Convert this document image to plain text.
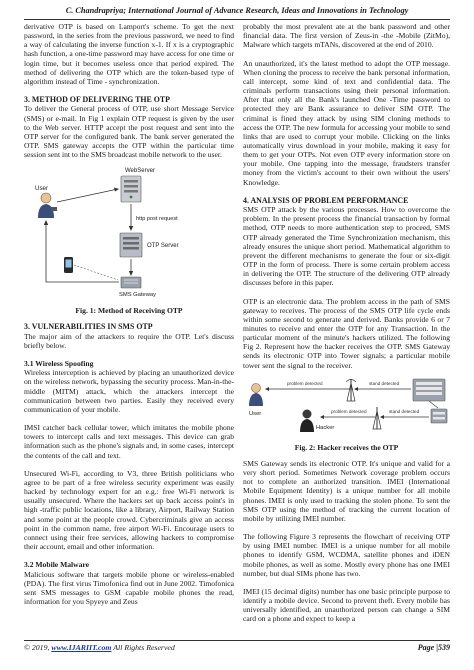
C. Chandrapriya; International Journal of Advance Research, Ideas and Innovations in Technology

derivative OTP is based on Lamport's scheme. To get the next password, in the series from the previous password, we need to find a way of calculating the inverse function x-1. If x is a cryptographic hash function, a one-time password may have access for one time or login time, but it becomes useless once that period expired. The method of delivering the OTP which are the token-based type of algorithm instead of Time - synchronization.

3. METHOD OF DELIVERING THE OTP

To deliver the General process of OTP, use short Message Service (SMS) or e-mail. In Fig 1 explain OTP request is given by the user to the Web server. HTTP accept the post request and sent into the OTP server for the configured bank. The bank server generated the OTP. SMS gateway accepts the OTP within the particular time session sent int to the SMS broadcast mobile network to the user.

User
WebServer
http post request
OTP Server
SMS Gateway
Fig. 1: Method of Receiving OTP
3. VULNERABILITIES IN SMS OTP

The major aim of the attackers to require the OTP. Let's discuss briefly below.

3.1 Wireless Spoofing

Wireless interception is achieved by placing an unauthorized device on the wireless network, bypassing the security process. Man-in-the-middle (MITM) attack, which the attackers intercept the communication between two parties. Easily they received every communication of your mobile.

IMSI catcher back cellular tower, which imitates the mobile phone towers to intercept calls and text messages. This device can grab information such as the phone's signals and, in some cases, intercept the contents of the call and text.

Unsecured Wi-Fi, according to V3, three British politicians who agree to be part of a free wireless security experiment was easily hacked by technology expert for an e.g.: free Wi-Fi network is usually unsecured. Where the hackers set up back access point's in high -traffic public locations, like a library, Airport, Railway Station and some point at the people crowd. Cybercriminals give an access point in the common name, free airport Wi-Fi. Encourage users to connect using their free services, allowing hackers to compromise their account, email and other information.

3.2 Mobile Malware

Malicious software that targets mobile phone or wireless-enabled (PDA). The first virus Timofonica find out in June 2002. Timofonica sent SMS messages to GSM capable mobile phones the read, information for you Spyeye and Zeus

probably the most prevalent ate at the bank password and other financial data. The first version of Zeus-in -the -Mobile (ZitMo), Malware which targets mTANs, discovered at the end of 2010.

An unauthorized, it's the latest method to adopt the OTP message. When cloning the process to receive the bank personal information, call intercept, some kind of text and confidential data. The criminals perform transactions using their personal information. After that only all the Bank's launched One -Time password to protected they are Bank assurance to deliver SIM OTP. The criminal is fined they attack by using SIM cloning methods to access the OTP. The new formula for accessing your mobile to send links that are used to corrupt your mobile. Clicking on the links automatically virus download in your mobile, making it easy for them to get your OTPs. Not even OTP every information store on your mobile. One tapping into the message, fraudsters transfer money from the victim's account to their own without the users' Knowledge.

4. ANALYSIS OF PROBLEM PERFORMANCE

SMS OTP attack by the various processes. How to overcome the problem. In the present process the financial transaction by formal method, OTP needs to more authentication step to proceed, SMS OTP already generated the Time Synchronization mechanism, this already ensures the unique short period. Mathematical algorithm to prevent the different mechanisms to generate the four or six-digit OTP in the form of process. There is some certain problem access in delivering the OTP. The structure of the delivering OTP already discusses before in this paper.

OTP is an electronic data. The problem access in the path of SMS gateway to receives. The process of the SMS OTP life cycle ends within some second to generate and derived. Banks provide 6 or 7 minutes to receive and enter the OTP for any Transaction. In the particular moment of the minute's hackers utilized. The following Fig 2. Represent how the hacker receives the OTP. SMS Gateway sends its electronic OTP into Tower signals; a particular mobile tower sent the signal to the receiver.

User
Hacker
problem detected	stand detected
problem detected	stand detected
Fig. 2: Hacker receives the OTP

SMS Gateway sends its electronic OTP. It's unique and valid for a very short period. Sometimes Network coverage problem occurs not to complete an authorized transition. IMEI (International Mobile Equipment Identity) is a unique number for all mobile phones. IMEI is only used to tracking the stolen phone. To sent the SMS OTP using the method of tracking the current location of mobile by utilizing IMEI number.

The following Figure 3 represents the flowchart of receiving OTP by using IMEI number. IMEI is a unique number for all mobile phones to identify GSM, WCDMA, satellite phones and iDEN mobile phones, as well as some. Mostly every phone has one IMEI number, but dual SIMs phone has two.

IMEI (15 decimal digits) number has one basic principle purpose to identify a mobile device. Second to prevent theft. Every mobile has universally identified, an unauthorized person can change a SIM card on a phone and expect to keep a

© 2019, www.IJARIIT.com All Rights Reserved	Page |539
